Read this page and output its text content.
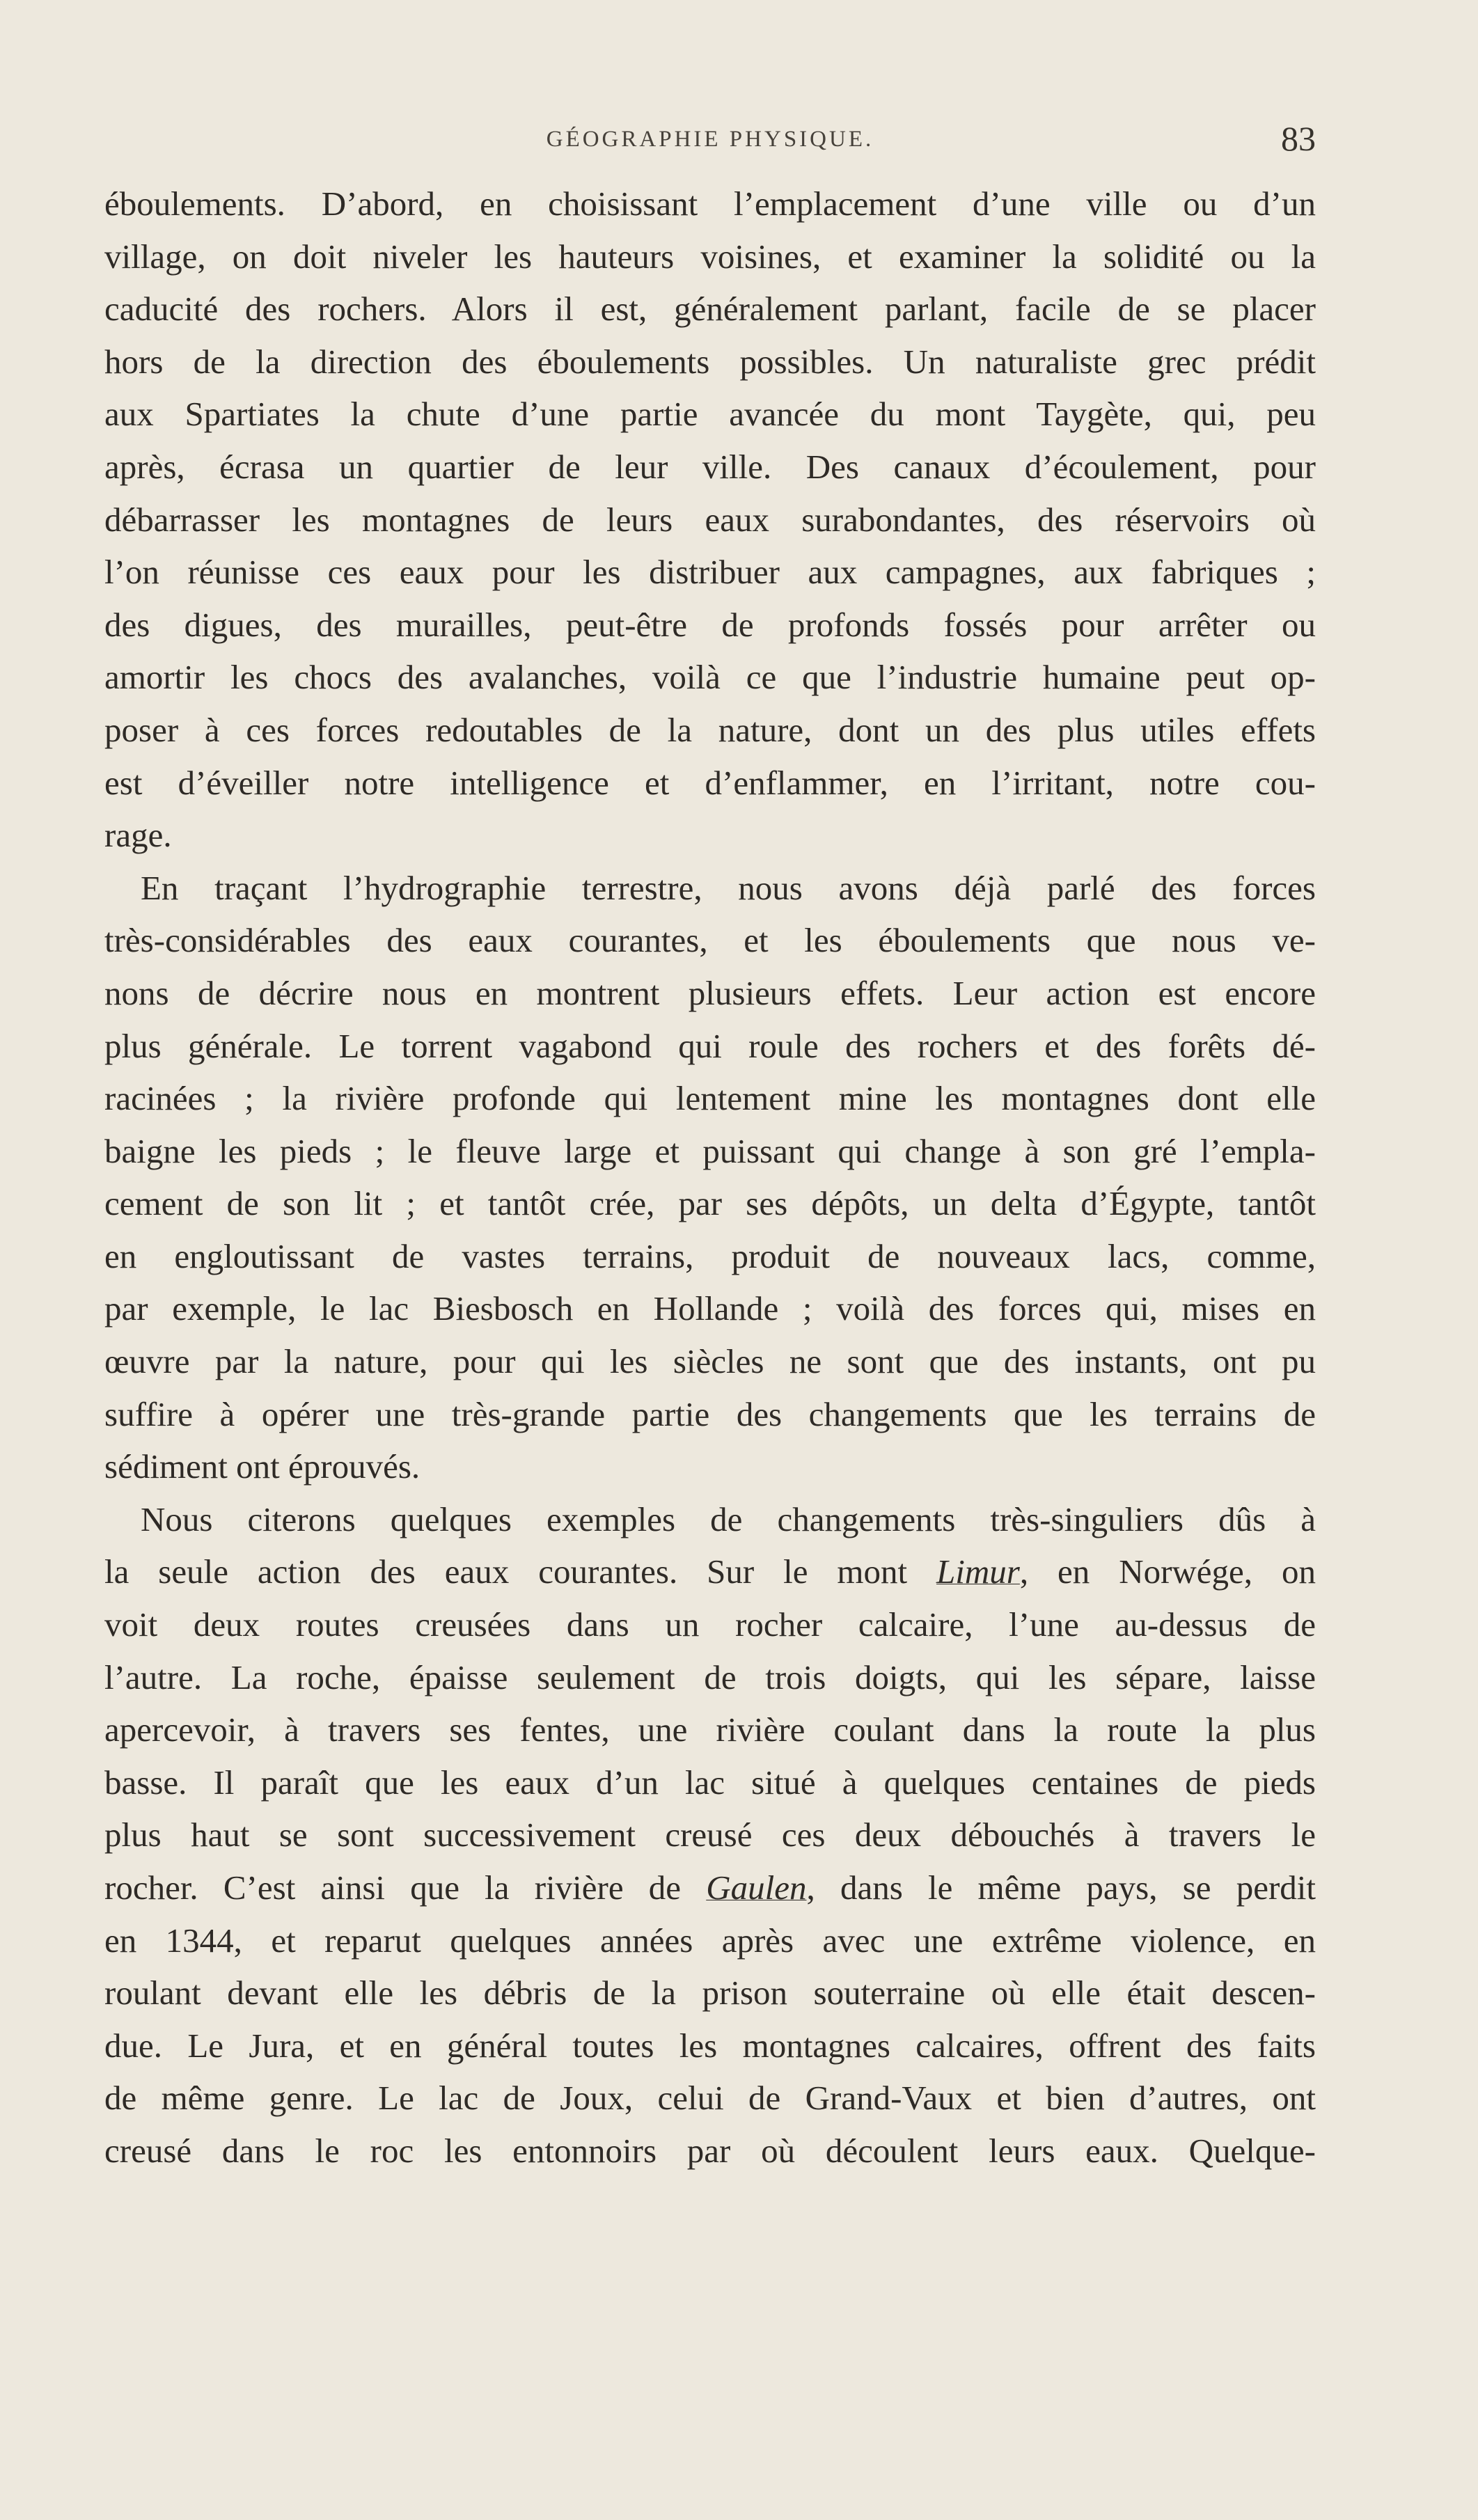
GÉOGRAPHIE PHYSIQUE.	83
éboulements. D’abord, en choisissant l’emplacement d’une ville ou d’un
village, on doit niveler les hauteurs voisines, et examiner la solidité ou la
caducité des rochers. Alors il est, généralement parlant, facile de se placer
hors de la direction des éboulements possibles. Un naturaliste grec prédit
aux Spartiates la chute d’une partie avancée du mont Taygète, qui, peu
après, écrasa un quartier de leur ville. Des canaux d’écoulement, pour
débarrasser les montagnes de leurs eaux surabondantes, des réservoirs où
l’on réunisse ces eaux pour les distribuer aux campagnes, aux fabriques ;
des digues, des murailles, peut-être de profonds fossés pour arrêter ou
amortir les chocs des avalanches, voilà ce que l’industrie humaine peut op-
poser à ces forces redoutables de la nature, dont un des plus utiles effets
est d’éveiller notre intelligence et d’enflammer, en l’irritant, notre cou-
rage.
En traçant l’hydrographie terrestre, nous avons déjà parlé des forces
très-considérables des eaux courantes, et les éboulements que nous ve-
nons de décrire nous en montrent plusieurs effets. Leur action est encore
plus générale. Le torrent vagabond qui roule des rochers et des forêts dé-
racinées ; la rivière profonde qui lentement mine les montagnes dont elle
baigne les pieds ; le fleuve large et puissant qui change à son gré l’empla-
cement de son lit ; et tantôt crée, par ses dépôts, un delta d’Égypte, tantôt
en engloutissant de vastes terrains, produit de nouveaux lacs, comme,
par exemple, le lac Biesbosch en Hollande ; voilà des forces qui, mises en
œuvre par la nature, pour qui les siècles ne sont que des instants, ont pu
suffire à opérer une très-grande partie des changements que les terrains de
sédiment ont éprouvés.
Nous citerons quelques exemples de changements très-singuliers dûs à
la seule action des eaux courantes. Sur le mont Limur, en Norwége, on
voit deux routes creusées dans un rocher calcaire, l’une au-dessus de
l’autre. La roche, épaisse seulement de trois doigts, qui les sépare, laisse
apercevoir, à travers ses fentes, une rivière coulant dans la route la plus
basse. Il paraît que les eaux d’un lac situé à quelques centaines de pieds
plus haut se sont successivement creusé ces deux débouchés à travers le
rocher. C’est ainsi que la rivière de Gaulen, dans le même pays, se perdit
en 1344, et reparut quelques années après avec une extrême violence, en
roulant devant elle les débris de la prison souterraine où elle était descen-
due. Le Jura, et en général toutes les montagnes calcaires, offrent des faits
de même genre. Le lac de Joux, celui de Grand-Vaux et bien d’autres, ont
creusé dans le roc les entonnoirs par où découlent leurs eaux. Quelque-
